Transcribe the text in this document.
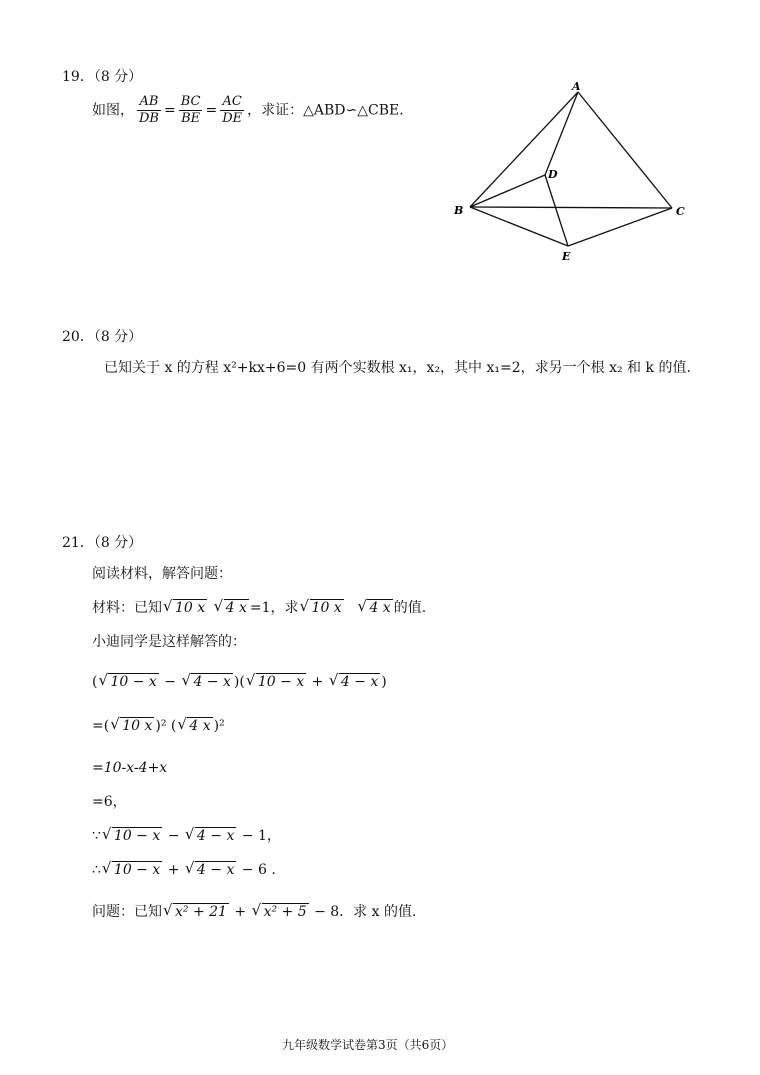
19．（8 分）
如图， $\frac{AB}{DB} = \frac{BC}{BE} = \frac{AC}{DE}$ ，求证：△ABD∽△CBE.
A
B	C
D
E
20．（8 分）
已知关于 x 的方程 x²+kx+6=0 有两个实数根 x₁，x₂，其中 x₁=2，求另一个根 x₂ 和 k 的值.
21．（8 分）
阅读材料，解答问题：
材料：已知 √ 10 x √ 4 x =1，求 √ 10 x + √ 4 x 的值.
小迪同学是这样解答的：
( √ 10 − x − √ 4 − x )( √ 10 − x + √ 4 − x )
=( √ 10 x )² ( √ 4 x )²
=10-x-4+x
=6，
∵ √ 10 − x − √ 4 − x − 1，
∴ √ 10 − x + √ 4 − x − 6 .
问题：已知 √ x² + 21 + √ x² + 5 − 8．求 x 的值.
九年级数学试卷第3页（共6页）
